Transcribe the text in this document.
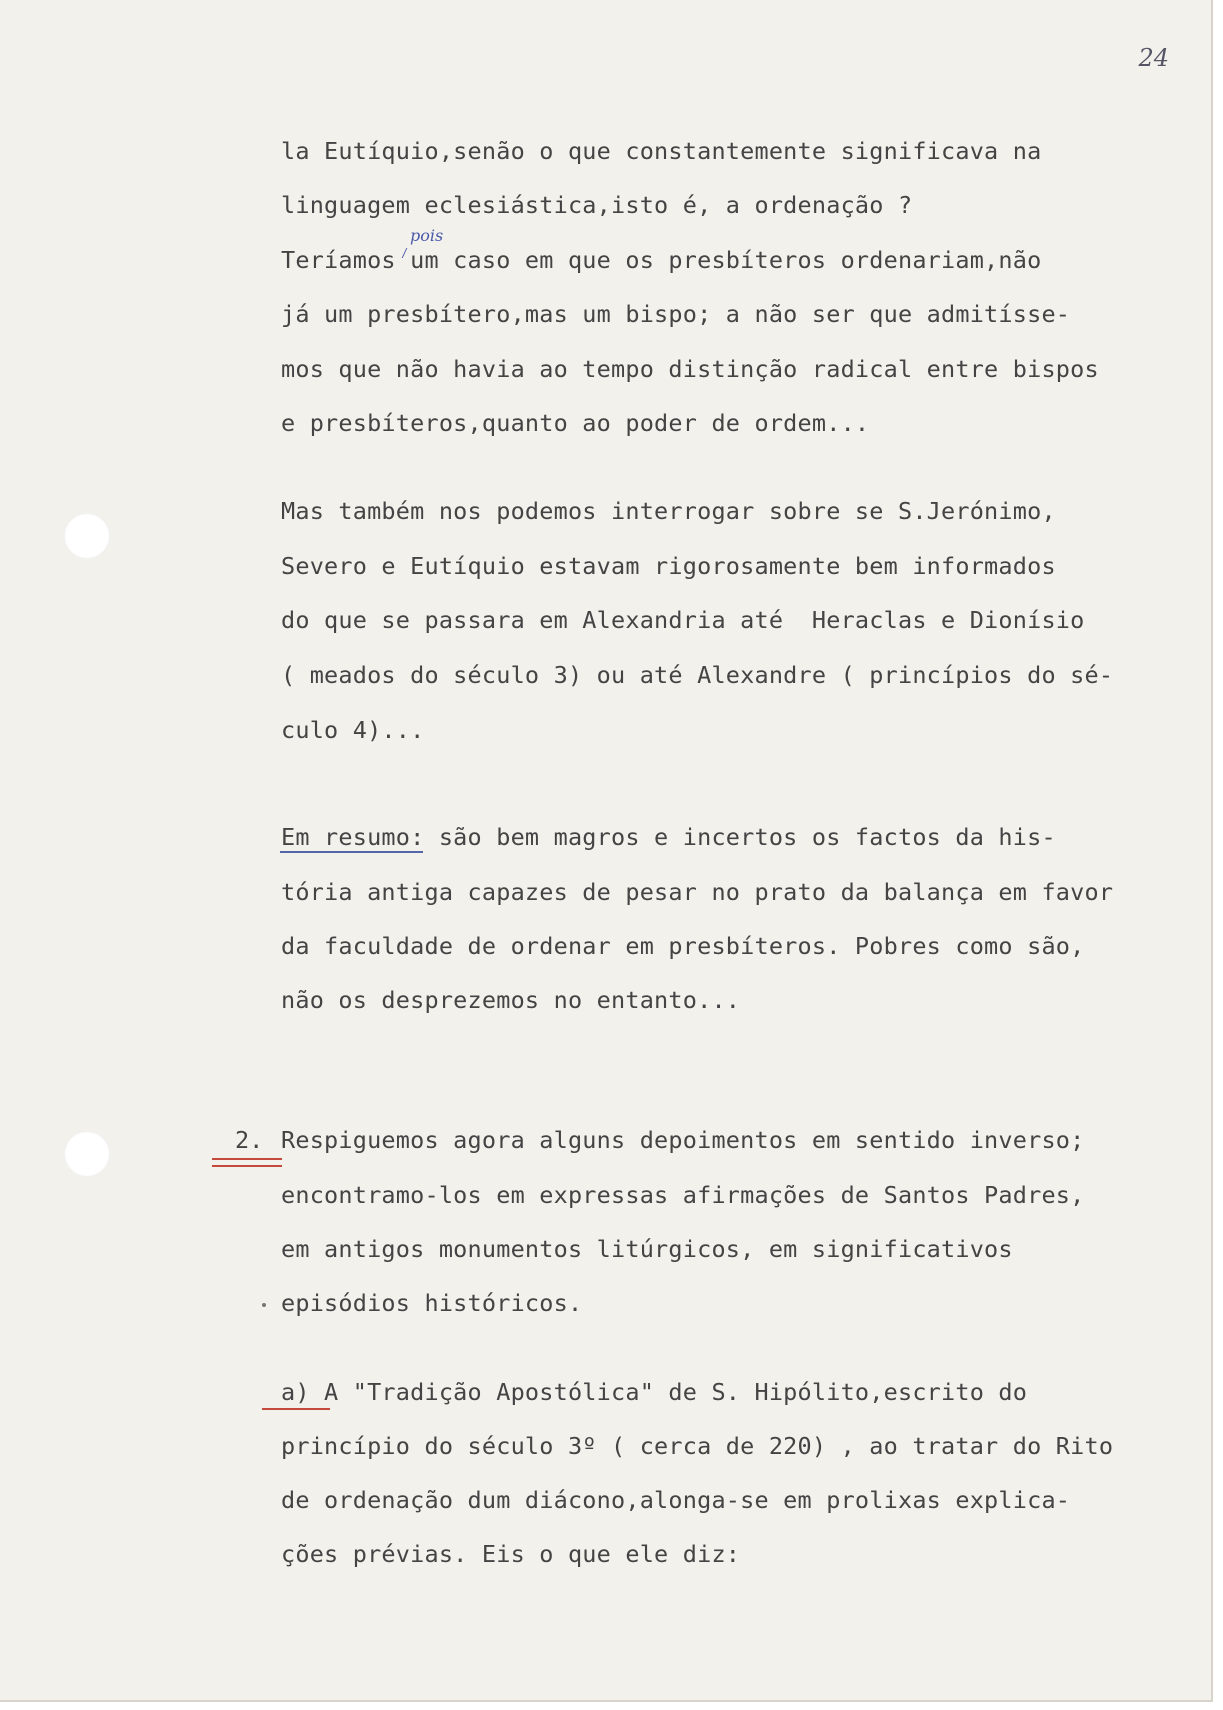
24
la Eutíquio,senão o que constantemente significava na
linguagem eclesiástica,isto é, a ordenação ?
pois
Teríamos um caso em que os presbíteros ordenariam,não
já um presbítero,mas um bispo; a não ser que admitísse-
mos que não havia ao tempo distinção radical entre bispos
e presbíteros,quanto ao poder de ordem...
Mas também nos podemos interrogar sobre se S.Jerónimo,
Severo e Eutíquio estavam rigorosamente bem informados
do que se passara em Alexandria até  Heraclas e Dionísio
( meados do século 3) ou até Alexandre ( princípios do sé-
culo 4)...
Em resumo: são bem magros e incertos os factos da his-
tória antiga capazes de pesar no prato da balança em favor
da faculdade de ordenar em presbíteros. Pobres como são,
não os desprezemos no entanto...
2. Respiguemos agora alguns depoimentos em sentido inverso;
encontramo-los em expressas afirmações de Santos Padres,
em antigos monumentos litúrgicos, em significativos
episódios históricos.
a) A "Tradição Apostólica" de S. Hipólito,escrito do
princípio do século 3º ( cerca de 220) , ao tratar do Rito
de ordenação dum diácono,alonga-se em prolixas explica-
ções prévias. Eis o que ele diz:
